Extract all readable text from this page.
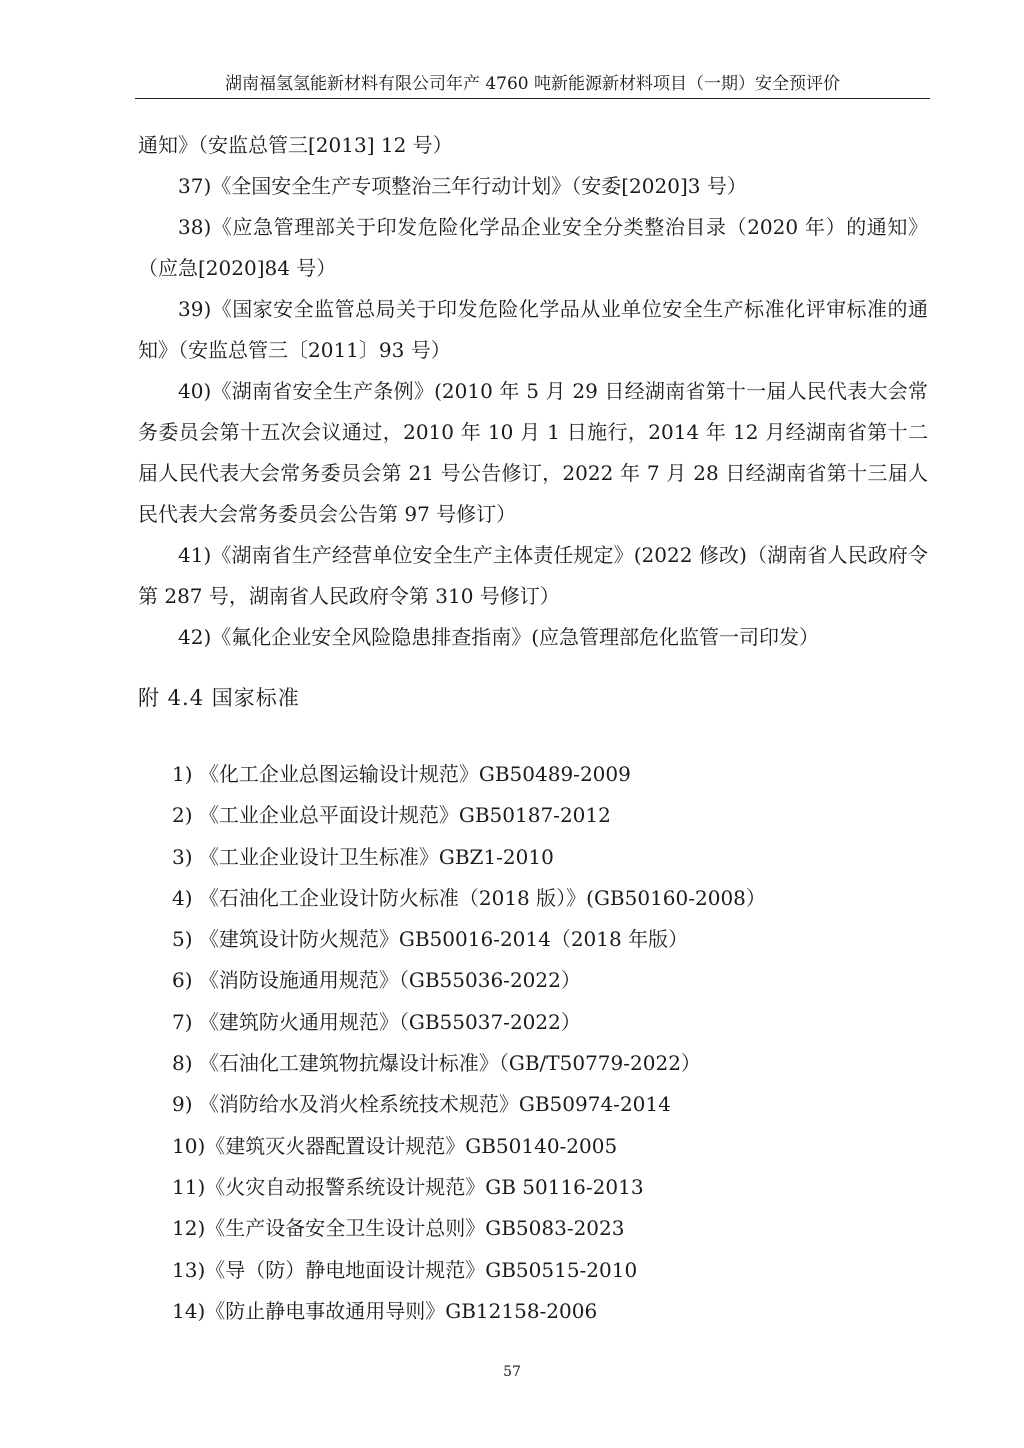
湖南福氢氢能新材料有限公司年产 4760 吨新能源新材料项目（一期）安全预评价

通知》（安监总管三[2013] 12 号）

37)《全国安全生产专项整治三年行动计划》（安委[2020]3 号）

38)《应急管理部关于印发危险化学品企业安全分类整治目录（2020 年）的通知》（应急[2020]84 号）

39)《国家安全监管总局关于印发危险化学品从业单位安全生产标准化评审标准的通知》（安监总管三〔2011〕93 号）

40)《湖南省安全生产条例》(2010 年 5 月 29 日经湖南省第十一届人民代表大会常务委员会第十五次会议通过，2010 年 10 月 1 日施行，2014 年 12 月经湖南省第十二届人民代表大会常务委员会第 21 号公告修订，2022 年 7 月 28 日经湖南省第十三届人民代表大会常务委员会公告第 97 号修订）

41)《湖南省生产经营单位安全生产主体责任规定》(2022 修改)（湖南省人民政府令第 287 号，湖南省人民政府令第 310 号修订）

42)《氟化企业安全风险隐患排查指南》(应急管理部危化监管一司印发）

附 4.4 国家标准

1) 《化工企业总图运输设计规范》GB50489-2009

2) 《工业企业总平面设计规范》GB50187-2012

3) 《工业企业设计卫生标准》GBZ1-2010

4) 《石油化工企业设计防火标准（2018 版）》(GB50160-2008）

5) 《建筑设计防火规范》GB50016-2014（2018 年版）

6) 《消防设施通用规范》（GB55036-2022）

7) 《建筑防火通用规范》（GB55037-2022）

8) 《石油化工建筑物抗爆设计标准》（GB/T50779-2022）

9) 《消防给水及消火栓系统技术规范》GB50974-2014

10)《建筑灭火器配置设计规范》GB50140-2005

11)《火灾自动报警系统设计规范》GB 50116-2013

12)《生产设备安全卫生设计总则》GB5083-2023

13)《导（防）静电地面设计规范》GB50515-2010

14)《防止静电事故通用导则》GB12158-2006

57
